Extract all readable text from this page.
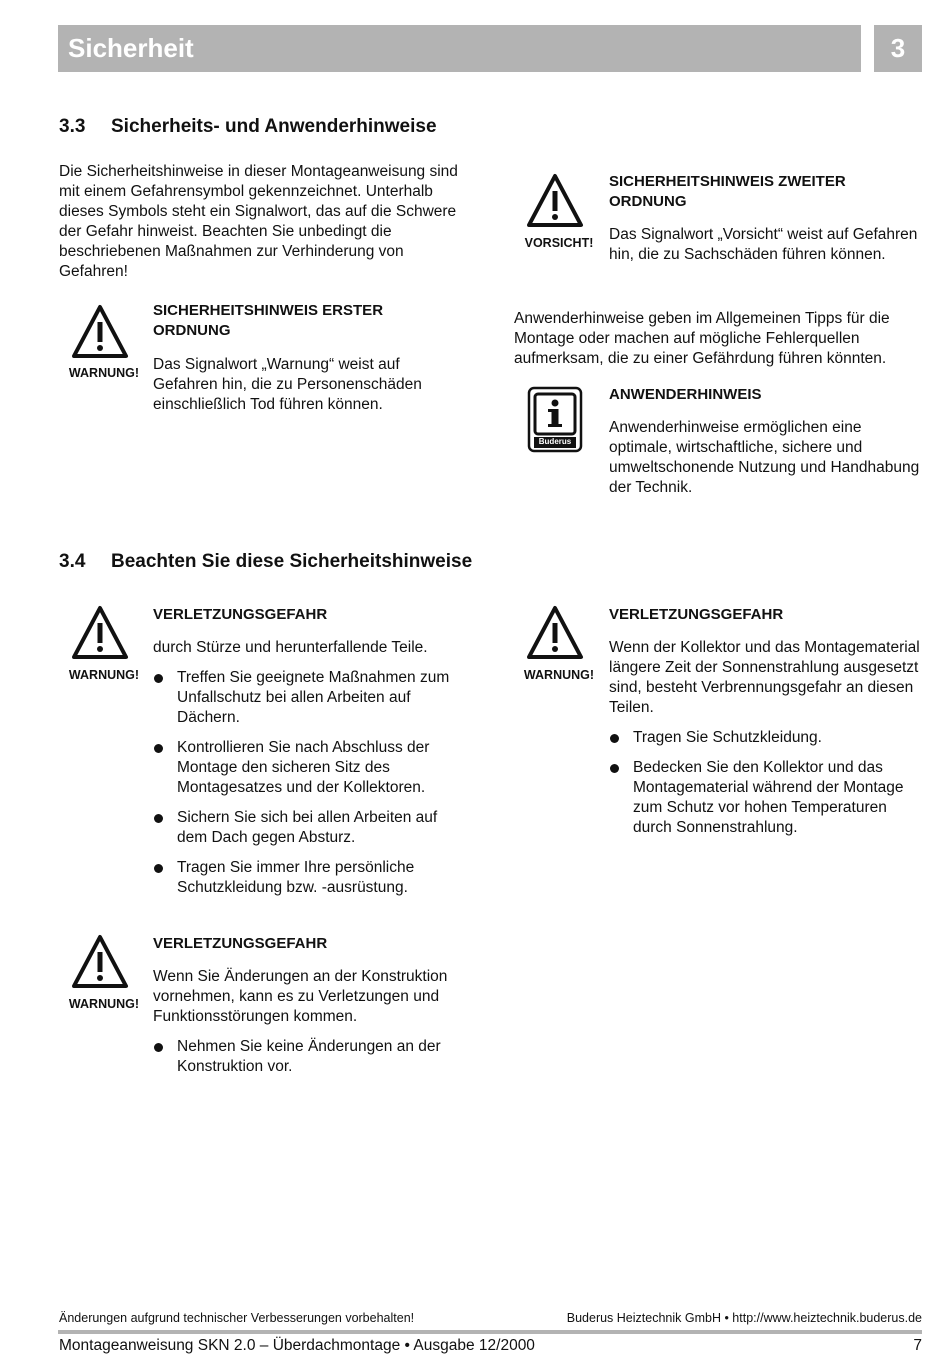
Sicherheit	3
3.3 Sicherheits- und Anwenderhinweise
Die Sicherheitshinweise in dieser Montageanweisung sind mit einem Gefahrensymbol gekennzeichnet. Unterhalb dieses Symbols steht ein Signalwort, das auf die Schwere der Gefahr hinweist. Beachten Sie unbedingt die beschriebenen Maßnahmen zur Verhinderung von Gefahren!
WARNUNG!
SICHERHEITSHINWEIS ERSTER ORDNUNG
Das Signalwort „Warnung“ weist auf Gefahren hin, die zu Personenschäden einschließlich Tod führen können.
VORSICHT!
SICHERHEITSHINWEIS ZWEITER ORDNUNG
Das Signalwort „Vorsicht“ weist auf Gefahren hin, die zu Sachschäden führen können.
Anwenderhinweise geben im Allgemeinen Tipps für die Montage oder machen auf mögliche Fehlerquellen aufmerksam, die zu einer Gefährdung führen könnten.
Buderus
ANWENDERHINWEIS
Anwenderhinweise ermöglichen eine optimale, wirtschaftliche, sichere und umweltschonende Nutzung und Handhabung der Technik.
3.4 Beachten Sie diese Sicherheitshinweise
WARNUNG!
VERLETZUNGSGEFAHR
durch Stürze und herunterfallende Teile.
Treffen Sie geeignete Maßnahmen zum Unfallschutz bei allen Arbeiten auf Dächern.
Kontrollieren Sie nach Abschluss der Montage den sicheren Sitz des Montagesatzes und der Kollektoren.
Sichern Sie sich bei allen Arbeiten auf dem Dach gegen Absturz.
Tragen Sie immer Ihre persönliche Schutzkleidung bzw. -ausrüstung.
WARNUNG!
VERLETZUNGSGEFAHR
Wenn der Kollektor und das Montagematerial längere Zeit der Sonnenstrahlung ausgesetzt sind, besteht Verbrennungsgefahr an diesen Teilen.
Tragen Sie Schutzkleidung.
Bedecken Sie den Kollektor und das Montagematerial während der Montage zum Schutz vor hohen Temperaturen durch Sonnenstrahlung.
WARNUNG!
VERLETZUNGSGEFAHR
Wenn Sie Änderungen an der Konstruktion vornehmen, kann es zu Verletzungen und Funktionsstörungen kommen.
Nehmen Sie keine Änderungen an der Konstruktion vor.
Änderungen aufgrund technischer Verbesserungen vorbehalten!	Buderus Heiztechnik GmbH • http://www.heiztechnik.buderus.de
Montageanweisung SKN 2.0 – Überdachmontage • Ausgabe 12/2000	7
